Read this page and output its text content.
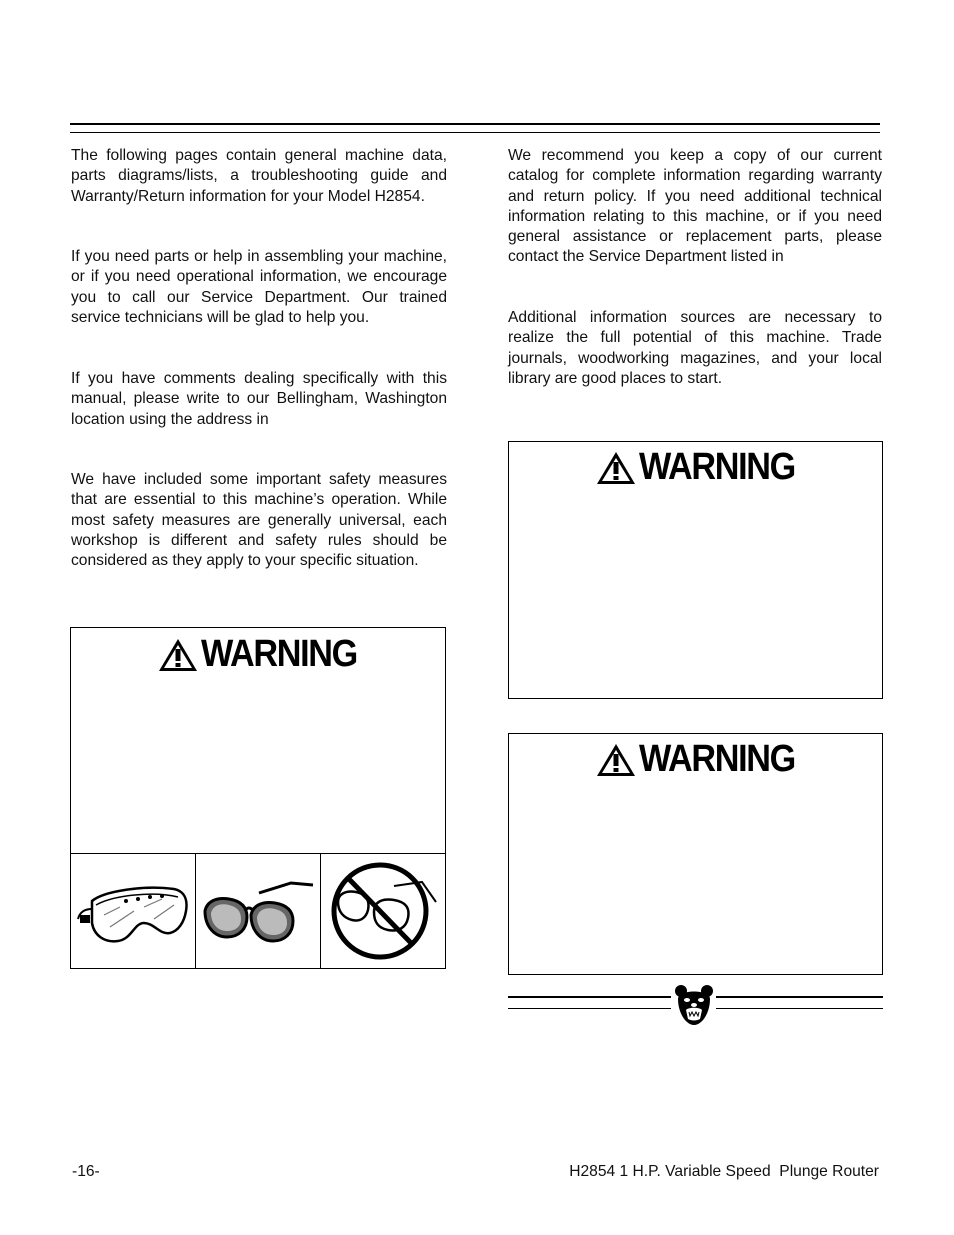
The following pages contain general machine data, parts diagrams/lists, a troubleshooting guide and Warranty/Return information for your Model H2854.

If you need parts or help in assembling your machine, or if you need operational information, we encourage you to call our Service Department. Our trained service technicians will be glad to help you.

If you have comments dealing specifically with this manual, please write to our Bellingham, Washington location using the address in

We have included some important safety measures that are essential to this machine’s operation. While most safety measures are generally universal, each workshop is different and safety rules should be considered as they apply to your specific situation.

WARNING

We recommend you keep a copy of our current catalog for complete information regarding warranty and return policy. If you need additional technical information relating to this machine, or if you need general assistance or replacement parts, please contact the Service Department listed in

Additional information sources are necessary to realize the full potential of this machine. Trade journals, woodworking magazines, and your local library are good places to start.

WARNING
WARNING
-16-	H2854 1 H.P. Variable Speed  Plunge Router
